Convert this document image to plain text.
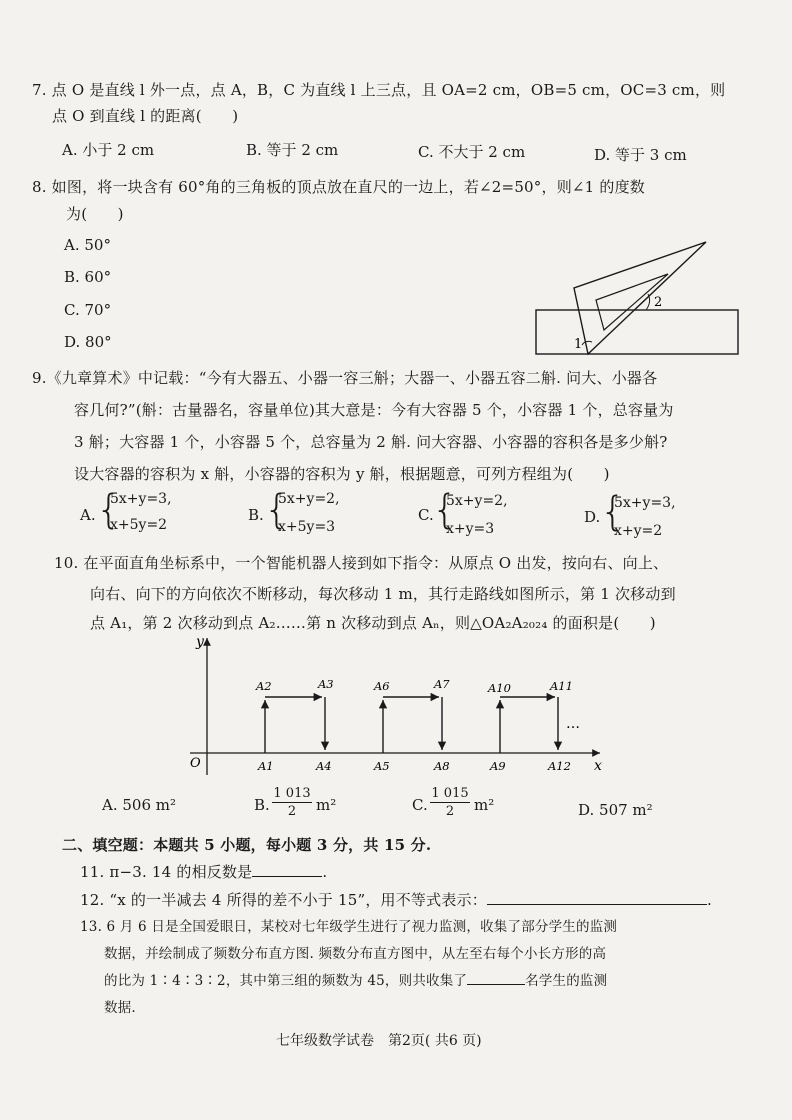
7. 点 O 是直线 l 外一点，点 A，B，C 为直线 l 上三点，且 OA=2 cm，OB=5 cm，OC=3 cm，则
点 O 到直线 l 的距离(　　)
A. 小于 2 cm	B. 等于 2 cm	C. 不大于 2 cm	D. 等于 3 cm
8. 如图，将一块含有 60°角的三角板的顶点放在直尺的一边上，若∠2=50°，则∠1 的度数
为(　　)
A. 50°
B. 60°
C. 70°
D. 80°	1
2
9.《九章算术》中记载：“今有大器五、小器一容三斛；大器一、小器五容二斛. 问大、小器各
容几何?”(斛：古量器名，容量单位)其大意是：今有大容器 5 个，小容器 1 个，总容量为
3 斛；大容器 1 个，小容器 5 个，总容量为 2 斛. 问大容器、小容器的容积各是多少斛?
设大容器的容积为 x 斛，小容器的容积为 y 斛，根据题意，可列方程组为(　　)
A. {
5x+y=3,
x+5y=2
B. {
5x+y=2,
x+5y=3
C.
{
5x+y=2,
x+y=3
D. {
5x+y=3,
x+y=2
10. 在平面直角坐标系中，一个智能机器人接到如下指令：从原点 O 出发，按向右、向上、
向右、向下的方向依次不断移动，每次移动 1 m，其行走路线如图所示，第 1 次移动到
点 A₁，第 2 次移动到点 A₂……第 n 次移动到点 Aₙ，则△OA₂A₂₀₂₄ 的面积是(　　)
y
x
O
…
A2	A3	A6	A7	A10	A11
A1	A4	A5	A8	A9	A12
A. 506 m²	B.
1 013
2	m²	C.
1 015
2	m²	D. 507 m²
二、填空题：本题共 5 小题，每小题 3 分，共 15 分.
11. π−3. 14 的相反数是	.
12. “x 的一半减去 4 所得的差不小于 15”，用不等式表示：	.
13. 6 月 6 日是全国爱眼日，某校对七年级学生进行了视力监测，收集了部分学生的监测
数据，并绘制成了频数分布直方图. 频数分布直方图中，从左至右每个小长方形的高
的比为 1∶4∶3∶2，其中第三组的频数为 45，则共收集了	名学生的监测
数据.
七年级数学试卷　第2页( 共6 页)
